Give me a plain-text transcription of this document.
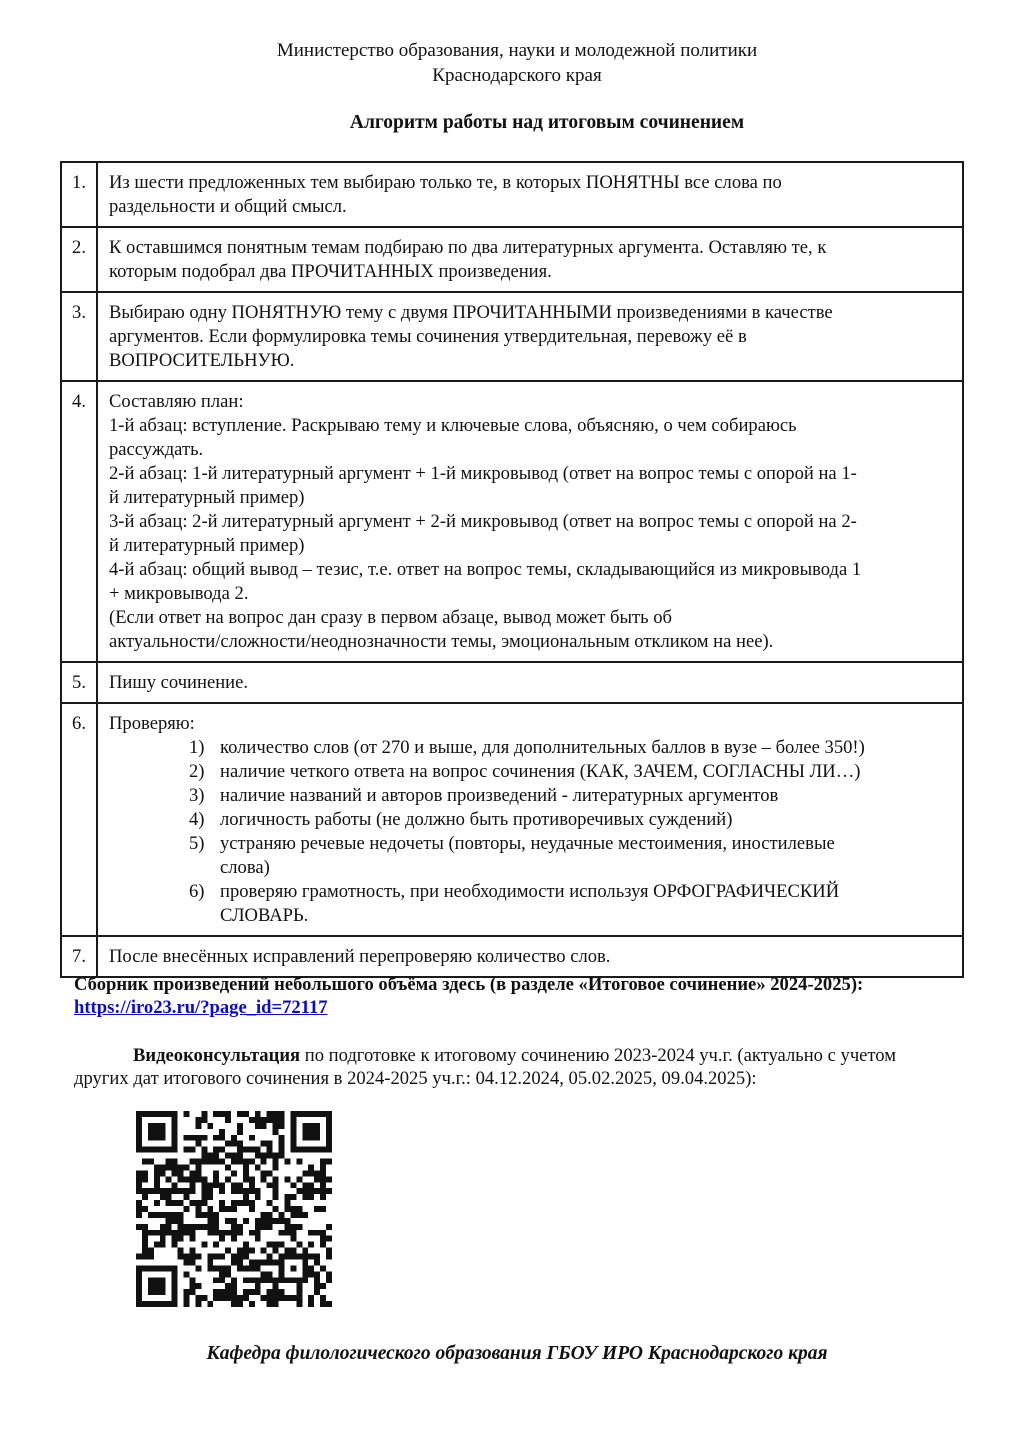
Министерство образования, науки и молодежной политики
Краснодарского края
Алгоритм работы над итоговым сочинением
1.	Из шести предложенных тем выбираю только те, в которых ПОНЯТНЫ все слова по
раздельности и общий смысл.

2.	К оставшимся понятным темам подбираю по два литературных аргумента. Оставляю те, к
которым подобрал два ПРОЧИТАННЫХ произведения.

3.	Выбираю одну ПОНЯТНУЮ тему с двумя ПРОЧИТАННЫМИ произведениями в качестве
аргументов. Если формулировка темы сочинения утвердительная, перевожу её в
ВОПРОСИТЕЛЬНУЮ.

4.	Составляю план:
1-й абзац: вступление. Раскрываю тему и ключевые слова, объясняю, о чем собираюсь
рассуждать.
2-й абзац: 1-й литературный аргумент + 1-й микровывод (ответ на вопрос темы с опорой на 1-
й литературный пример)
3-й абзац: 2-й литературный аргумент + 2-й микровывод (ответ на вопрос темы с опорой на 2-
й литературный пример)
4-й абзац: общий вывод – тезис, т.е. ответ на вопрос темы, складывающийся из микровывода 1
+ микровывода 2.
(Если ответ на вопрос дан сразу в первом абзаце, вывод может быть об
актуальности/сложности/неоднозначности темы, эмоциональным откликом на нее).

5.	Пишу сочинение.

6.	Проверяю:
1) количество слов (от 270 и выше, для дополнительных баллов в вузе – более 350!)
2) наличие четкого ответа на вопрос сочинения (КАК, ЗАЧЕМ, СОГЛАСНЫ ЛИ…)
3) наличие названий и авторов произведений - литературных аргументов
4) логичность работы (не должно быть противоречивых суждений)
5) устраняю речевые недочеты (повторы, неудачные местоимения, иностилевые
слова)
6) проверяю грамотность, при необходимости используя ОРФОГРАФИЧЕСКИЙ
СЛОВАРЬ.

7.	После внесённых исправлений перепроверяю количество слов.
Сборник произведений небольшого объёма здесь (в разделе «Итоговое сочинение» 2024-2025):
https://iro23.ru/?page_id=72117
Видеоконсультация по подготовке к итоговому сочинению 2023-2024 уч.г. (актуально с учетом других дат итогового сочинения в 2024-2025 уч.г.: 04.12.2024, 05.02.2025, 09.04.2025):
Кафедра филологического образования ГБОУ ИРО Краснодарского края
